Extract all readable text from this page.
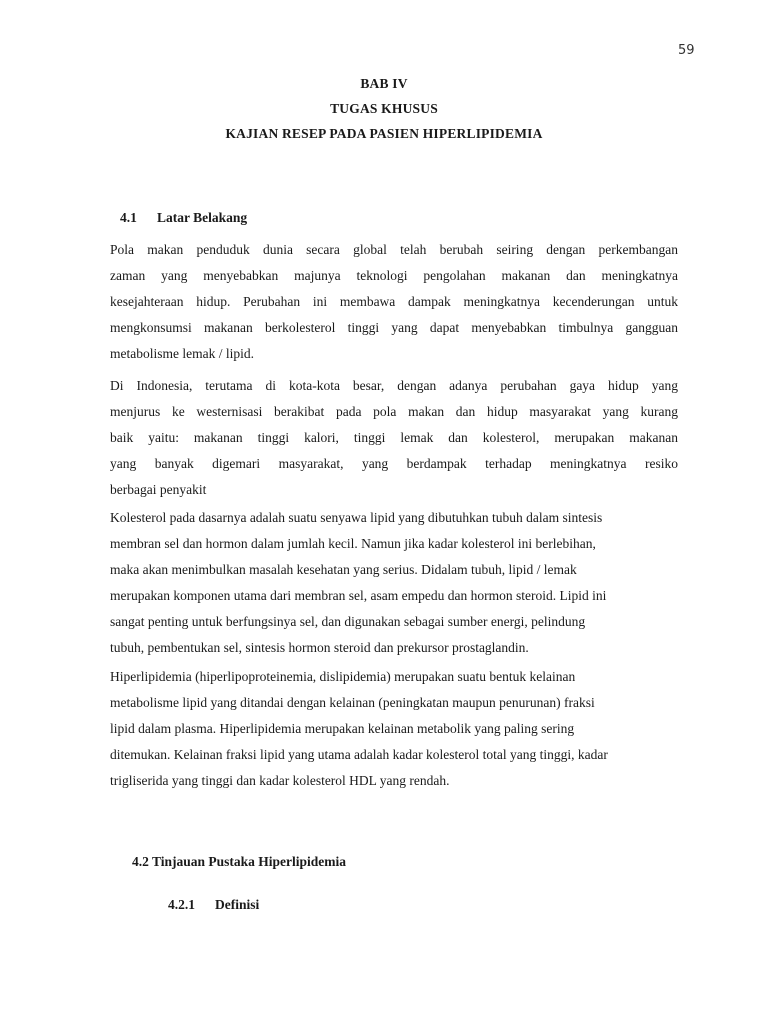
59
BAB IV
TUGAS KHUSUS
KAJIAN RESEP PADA PASIEN HIPERLIPIDEMIA
4.1 Latar Belakang
Pola makan penduduk dunia secara global telah berubah seiring dengan perkembangan
zaman yang menyebabkan majunya teknologi pengolahan makanan dan meningkatnya
kesejahteraan hidup. Perubahan ini membawa dampak meningkatnya kecenderungan untuk
mengkonsumsi makanan berkolesterol tinggi yang dapat menyebabkan timbulnya gangguan
metabolisme lemak / lipid.
Di Indonesia, terutama di kota-kota besar, dengan adanya perubahan gaya hidup yang
menjurus ke westernisasi berakibat pada pola makan dan hidup masyarakat yang kurang
baik yaitu: makanan tinggi kalori, tinggi lemak dan kolesterol, merupakan makanan
yang banyak digemari masyarakat, yang berdampak terhadap meningkatnya resiko
berbagai penyakit
Kolesterol pada dasarnya adalah suatu senyawa lipid yang dibutuhkan tubuh dalam sintesis
membran sel dan hormon dalam jumlah kecil. Namun jika kadar kolesterol ini berlebihan,
maka akan menimbulkan masalah kesehatan yang serius. Didalam tubuh, lipid / lemak
merupakan komponen utama dari membran sel, asam empedu dan hormon steroid. Lipid ini
sangat penting untuk berfungsinya sel, dan digunakan sebagai sumber energi, pelindung
tubuh, pembentukan sel, sintesis hormon steroid dan prekursor prostaglandin.
Hiperlipidemia (hiperlipoproteinemia, dislipidemia) merupakan suatu bentuk kelainan
metabolisme lipid yang ditandai dengan kelainan (peningkatan maupun penurunan) fraksi
lipid dalam plasma. Hiperlipidemia merupakan kelainan metabolik yang paling sering
ditemukan. Kelainan fraksi lipid yang utama adalah kadar kolesterol total yang tinggi, kadar
trigliserida yang tinggi dan kadar kolesterol HDL yang rendah.
4.2 Tinjauan Pustaka Hiperlipidemia
4.2.1 Definisi
